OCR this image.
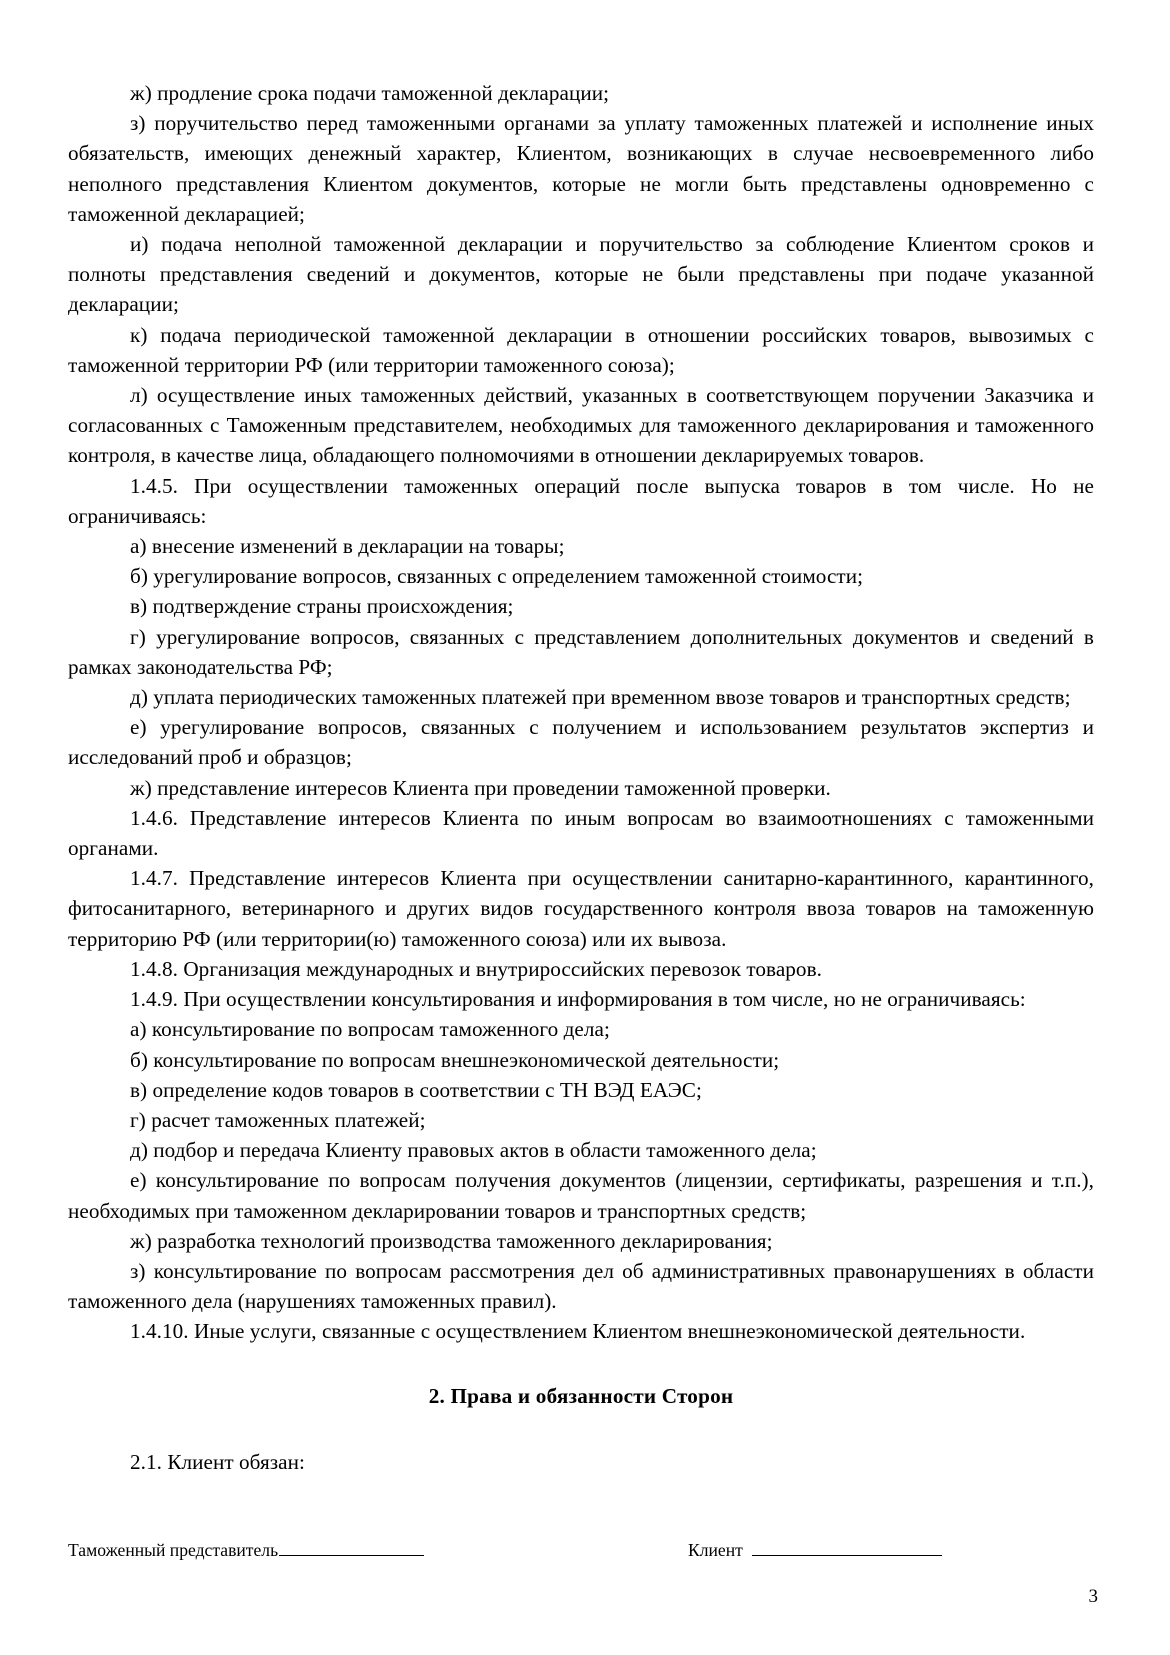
ж) продление срока подачи таможенной декларации;

з) поручительство перед таможенными органами за уплату таможенных платежей и исполнение иных обязательств, имеющих денежный характер, Клиентом, возникающих в случае несвоевременного либо неполного представления Клиентом документов, которые не могли быть представлены одновременно с таможенной декларацией;

и) подача неполной таможенной декларации и поручительство за соблюдение Клиентом сроков и полноты представления сведений и документов, которые не были представлены при подаче указанной декларации;

к) подача периодической таможенной декларации в отношении российских товаров, вывозимых с таможенной территории РФ (или территории таможенного союза);

л) осуществление иных таможенных действий, указанных в соответствующем поручении Заказчика и согласованных с Таможенным представителем, необходимых для таможенного декларирования и таможенного контроля, в качестве лица, обладающего полномочиями в отношении декларируемых товаров.

1.4.5. При осуществлении таможенных операций после выпуска товаров в том числе. Но не ограничиваясь:

а) внесение изменений в декларации на товары;

б) урегулирование вопросов, связанных с определением таможенной стоимости;

в) подтверждение страны происхождения;

г) урегулирование вопросов, связанных с представлением дополнительных документов и сведений в рамках законодательства РФ;

д) уплата периодических таможенных платежей при временном ввозе товаров и транспортных средств;

е) урегулирование вопросов, связанных с получением и использованием результатов экспертиз и исследований проб и образцов;

ж) представление интересов Клиента при проведении таможенной проверки.

1.4.6. Представление интересов Клиента по иным вопросам во взаимоотношениях с таможенными органами.

1.4.7. Представление интересов Клиента при осуществлении санитарно-карантинного, карантинного, фитосанитарного, ветеринарного и других видов государственного контроля ввоза товаров на таможенную территорию РФ (или территории(ю) таможенного союза) или их вывоза.

1.4.8. Организация международных и внутрироссийских перевозок товаров.

1.4.9. При осуществлении консультирования и информирования в том числе, но не ограничиваясь:

а) консультирование по вопросам таможенного дела;

б) консультирование по вопросам внешнеэкономической деятельности;

в) определение кодов товаров в соответствии с ТН ВЭД ЕАЭС;

г) расчет таможенных платежей;

д) подбор и передача Клиенту правовых актов в области таможенного дела;

е) консультирование по вопросам получения документов (лицензии, сертификаты, разрешения и т.п.), необходимых при таможенном декларировании товаров и транспортных средств;

ж) разработка технологий производства таможенного декларирования;

з) консультирование по вопросам рассмотрения дел об административных правонарушениях в области таможенного дела (нарушениях таможенных правил).

1.4.10. Иные услуги, связанные с осуществлением Клиентом внешнеэкономической деятельности.

2. Права и обязанности Сторон

2.1. Клиент обязан:

Таможенный представитель	Клиент
3
